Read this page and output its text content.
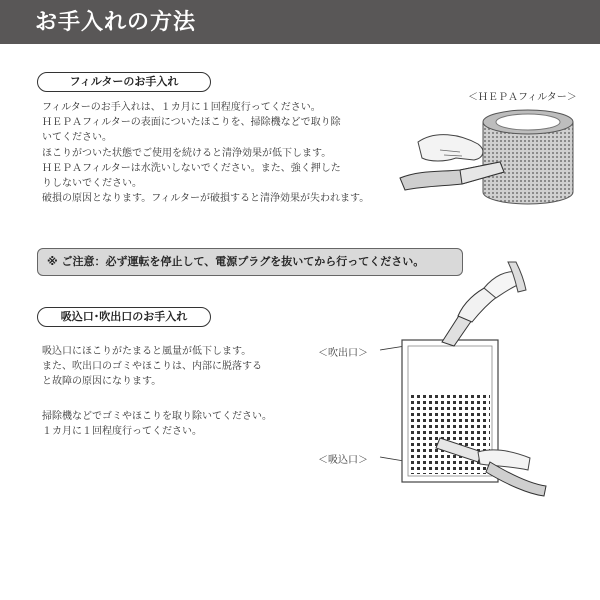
お手入れの方法
フィルターのお手入れ
フィルターのお手入れは、１カ月に１回程度行ってください。
ＨＥＰＡフィルターの表面についたほこりを、掃除機などで取り除
いてください。
ほこりがついた状態でご使用を続けると清浄効果が低下します。
ＨＥＰＡフィルターは水洗いしないでください。また、強く押した
りしないでください。
破損の原因となります。フィルターが破損すると清浄効果が失われます。
＜ＨＥＰＡフィルター＞
※ ご注意：必ず運転を停止して、電源プラグを抜いてから行ってください。
吸込口･吹出口のお手入れ
吸込口にほこりがたまると風量が低下します。
また、吹出口のゴミやほこりは、内部に脱落する
と故障の原因になります。
掃除機などでゴミやほこりを取り除いてください。
１カ月に１回程度行ってください。
＜吹出口＞
＜吸込口＞
